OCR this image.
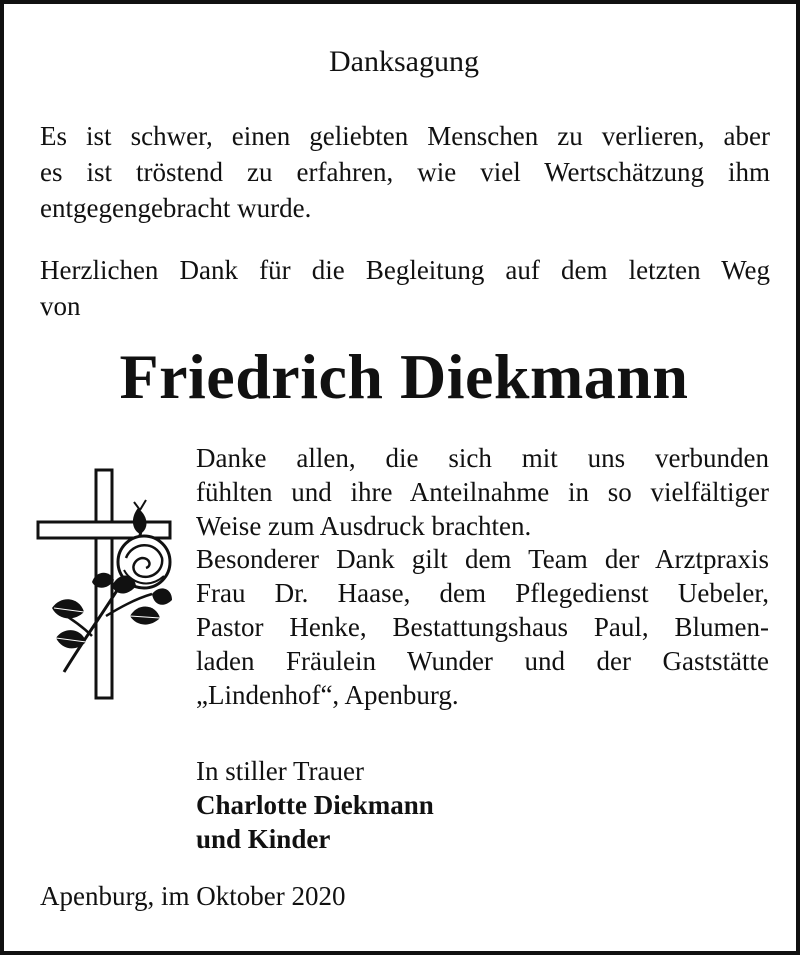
Danksagung
Es ist schwer, einen geliebten Menschen zu verlieren, aber
es ist tröstend zu erfahren, wie viel Wertschätzung ihm
entgegengebracht wurde.
Herzlichen Dank für die Begleitung auf dem letzten Weg
von
Friedrich Diekmann
Danke allen, die sich mit uns verbunden
fühlten und ihre Anteilnahme in so vielfältiger
Weise zum Ausdruck brachten.
Besonderer Dank gilt dem Team der Arztpraxis
Frau Dr. Haase, dem Pflegedienst Uebeler,
Pastor Henke, Bestattungshaus Paul, Blumen-
laden Fräulein Wunder und der Gaststätte
„Lindenhof“, Apenburg.
In stiller Trauer
Charlotte Diekmann
und Kinder
Apenburg, im Oktober 2020
